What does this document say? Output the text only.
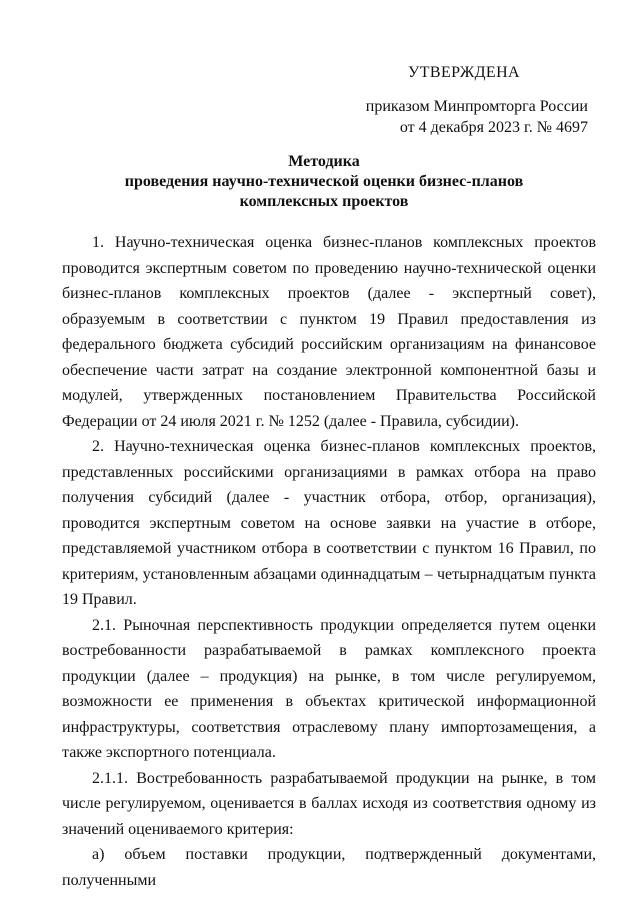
УТВЕРЖДЕНА
приказом Минпромторга России
от 4 декабря 2023 г. № 4697
Методика
проведения научно-технической оценки бизнес-планов
комплексных проектов

1. Научно-техническая оценка бизнес-планов комплексных проектов проводится экспертным советом по проведению научно-технической оценки бизнес-планов комплексных проектов (далее - экспертный совет), образуемым в соответствии с пунктом 19 Правил предоставления из федерального бюджета субсидий российским организациям на финансовое обеспечение части затрат на создание электронной компонентной базы и модулей, утвержденных постановлением Правительства Российской Федерации от 24 июля 2021 г. № 1252 (далее - Правила, субсидии).

2. Научно-техническая оценка бизнес-планов комплексных проектов, представленных российскими организациями в рамках отбора на право получения субсидий (далее - участник отбора, отбор, организация), проводится экспертным советом на основе заявки на участие в отборе, представляемой участником отбора в соответствии с пунктом 16 Правил, по критериям, установленным абзацами одиннадцатым – четырнадцатым пункта 19 Правил.

2.1. Рыночная перспективность продукции определяется путем оценки востребованности разрабатываемой в рамках комплексного проекта продукции (далее – продукция) на рынке, в том числе регулируемом, возможности ее применения в объектах критической информационной инфраструктуры, соответствия отраслевому плану импортозамещения, а также экспортного потенциала.

2.1.1. Востребованность разрабатываемой продукции на рынке, в том числе регулируемом, оценивается в баллах исходя из соответствия одному из значений оцениваемого критерия:

а) объем поставки продукции, подтвержденный документами, полученными
